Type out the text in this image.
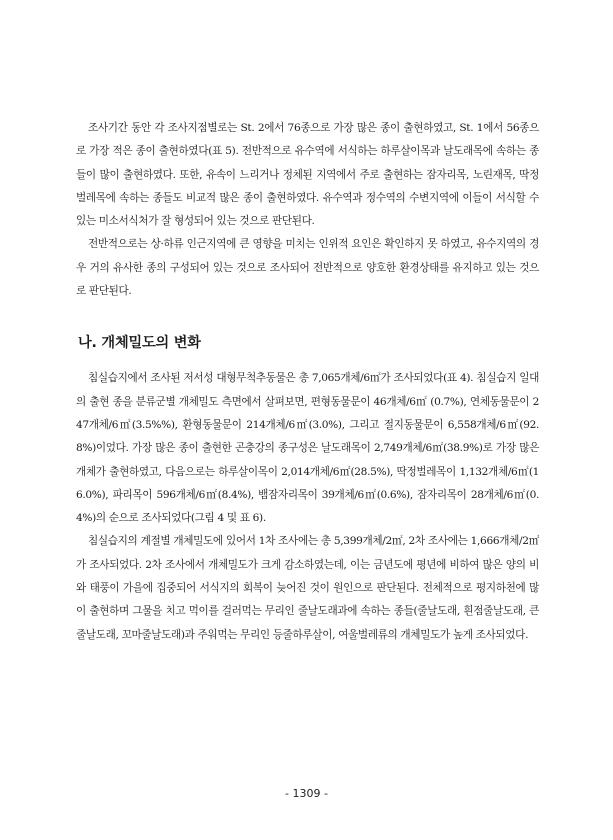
조사기간 동안 각 조사지점별로는 St. 2에서 76종으로 가장 많은 종이 출현하였고, St. 1에서 56종으로 가장 적은 종이 출현하였다(표 5). 전반적으로 유수역에 서식하는 하루살이목과 날도래목에 속하는 종들이 많이 출현하였다. 또한, 유속이 느리거나 정체된 지역에서 주로 출현하는 잠자리목, 노린재목, 딱정벌레목에 속하는 종들도 비교적 많은 종이 출현하였다. 유수역과 정수역의 수변지역에 이들이 서식할 수 있는 미소서식처가 잘 형성되어 있는 것으로 판단된다.

전반적으로는 상·하류 인근지역에 큰 영향을 미치는 인위적 요인은 확인하지 못 하였고, 유수지역의 경우 거의 유사한 종의 구성되어 있는 것으로 조사되어 전반적으로 양호한 환경상태를 유지하고 있는 것으로 판단된다.

나. 개체밀도의 변화

침실습지에서 조사된 저서성 대형무척추동물은 총 7,065개체/6㎡가 조사되었다(표 4). 침실습지 일대의 출현 종을 분류군별 개체밀도 측면에서 살펴보면, 편형동물문이 46개체/6㎡ (0.7%), 연체동물문이 247개체/6㎡(3.5%%), 환형동물문이 214개체/6㎡(3.0%), 그리고 절지동물문이 6,558개체/6㎡(92.8%)이었다. 가장 많은 종이 출현한 곤충강의 종구성은 날도래목이 2,749개체/6㎡(38.9%)로 가장 많은 개체가 출현하였고, 다음으로는 하루살이목이 2,014개체/6㎡(28.5%), 딱정벌레목이 1,132개체/6㎡(16.0%), 파리목이 596개체/6㎡(8.4%), 뱀잠자리목이 39개체/6㎡(0.6%), 잠자리목이 28개체/6㎡(0.4%)의 순으로 조사되었다(그림 4 및 표 6).

침실습지의 계절별 개체밀도에 있어서 1차 조사에는 총 5,399개체/2㎡, 2차 조사에는 1,666개체/2㎡가 조사되었다. 2차 조사에서 개체밀도가 크게 감소하였는데, 이는 금년도에 평년에 비하여 많은 양의 비와 태풍이 가을에 집중되어 서식지의 회복이 늦어진 것이 원인으로 판단된다. 전체적으로 평지하천에 많이 출현하며 그물을 치고 먹이를 걸러먹는 무리인 줄날도래과에 속하는 종들(줄날도래, 흰점줄날도래, 큰줄날도래, 꼬마줄날도래)과 주워먹는 무리인 등줄하루살이, 여울벌레류의 개체밀도가 높게 조사되었다.

- 1309 -
